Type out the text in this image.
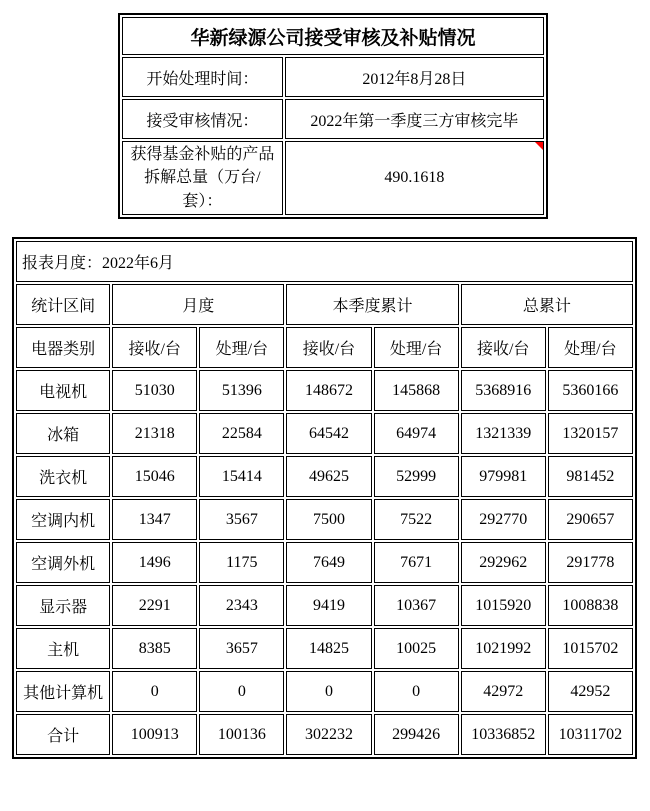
华新绿源公司接受审核及补贴情况	
开始处理时间：	2012年8月28日
接受审核情况：	2022年第一季度三方审核完毕
获得基金补贴的产品拆解总量（万台/套）：	490.1618
报表月度：2022年6月						
统计区间	月度		本季度累计		总累计	
电器类别	接收/台	处理/台	接收/台	处理/台	接收/台	处理/台
电视机	51030	51396	148672	145868	5368916	5360166
冰箱	21318	22584	64542	64974	1321339	1320157
洗衣机	15046	15414	49625	52999	979981	981452
空调内机	1347	3567	7500	7522	292770	290657
空调外机	1496	1175	7649	7671	292962	291778
显示器	2291	2343	9419	10367	1015920	1008838
主机	8385	3657	14825	10025	1021992	1015702
其他计算机	0	0	0	0	42972	42952
合计	100913	100136	302232	299426	10336852	10311702
